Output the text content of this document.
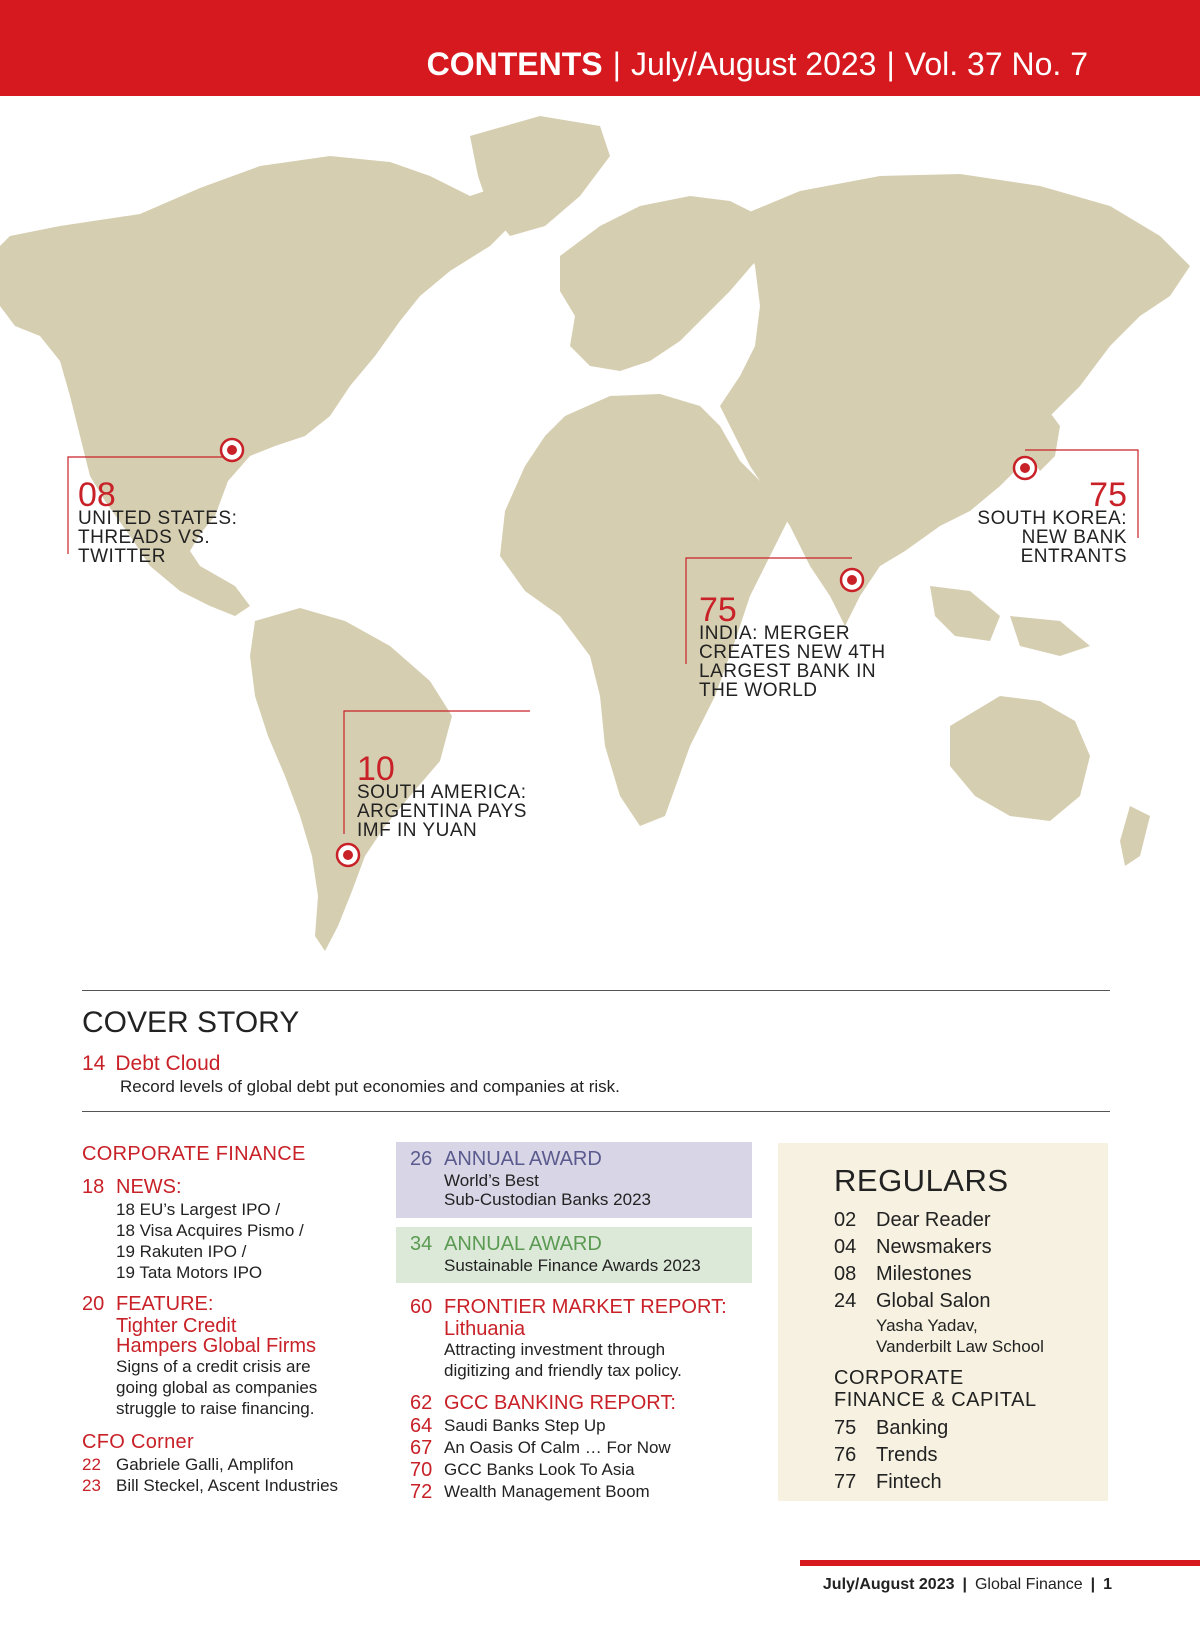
CONTENTS | July/August 2023 | Vol. 37 No. 7
08
UNITED STATES:
THREADS VS.
TWITTER
10
SOUTH AMERICA:
ARGENTINA PAYS
IMF IN YUAN
75
INDIA: MERGER
CREATES NEW 4TH
LARGEST BANK IN
THE WORLD
75
SOUTH KOREA:
NEW BANK
ENTRANTS
COVER STORY
14 Debt Cloud
Record levels of global debt put economies and companies at risk.
CORPORATE FINANCE
18 NEWS:
18 EU’s Largest IPO /
18 Visa Acquires Pismo /
19 Rakuten IPO /
19 Tata Motors IPO
20 FEATURE:
Tighter Credit
Hampers Global Firms
Signs of a credit crisis are
going global as companies
struggle to raise financing.
CFO Corner
22 Gabriele Galli, Amplifon
23 Bill Steckel, Ascent Industries
26 ANNUAL AWARD
World’s Best
Sub-Custodian Banks 2023
34 ANNUAL AWARD
Sustainable Finance Awards 2023
60 FRONTIER MARKET REPORT:
Lithuania
Attracting investment through
digitizing and friendly tax policy.
62 GCC BANKING REPORT:
64 Saudi Banks Step Up
67 An Oasis Of Calm … For Now
70 GCC Banks Look To Asia
72 Wealth Management Boom
REGULARS
02 Dear Reader
04 Newsmakers
08 Milestones
24 Global Salon
Yasha Yadav,
Vanderbilt Law School
CORPORATE
FINANCE & CAPITAL
75 Banking
76 Trends
77 Fintech
July/August 2023 | Global Finance | 1
